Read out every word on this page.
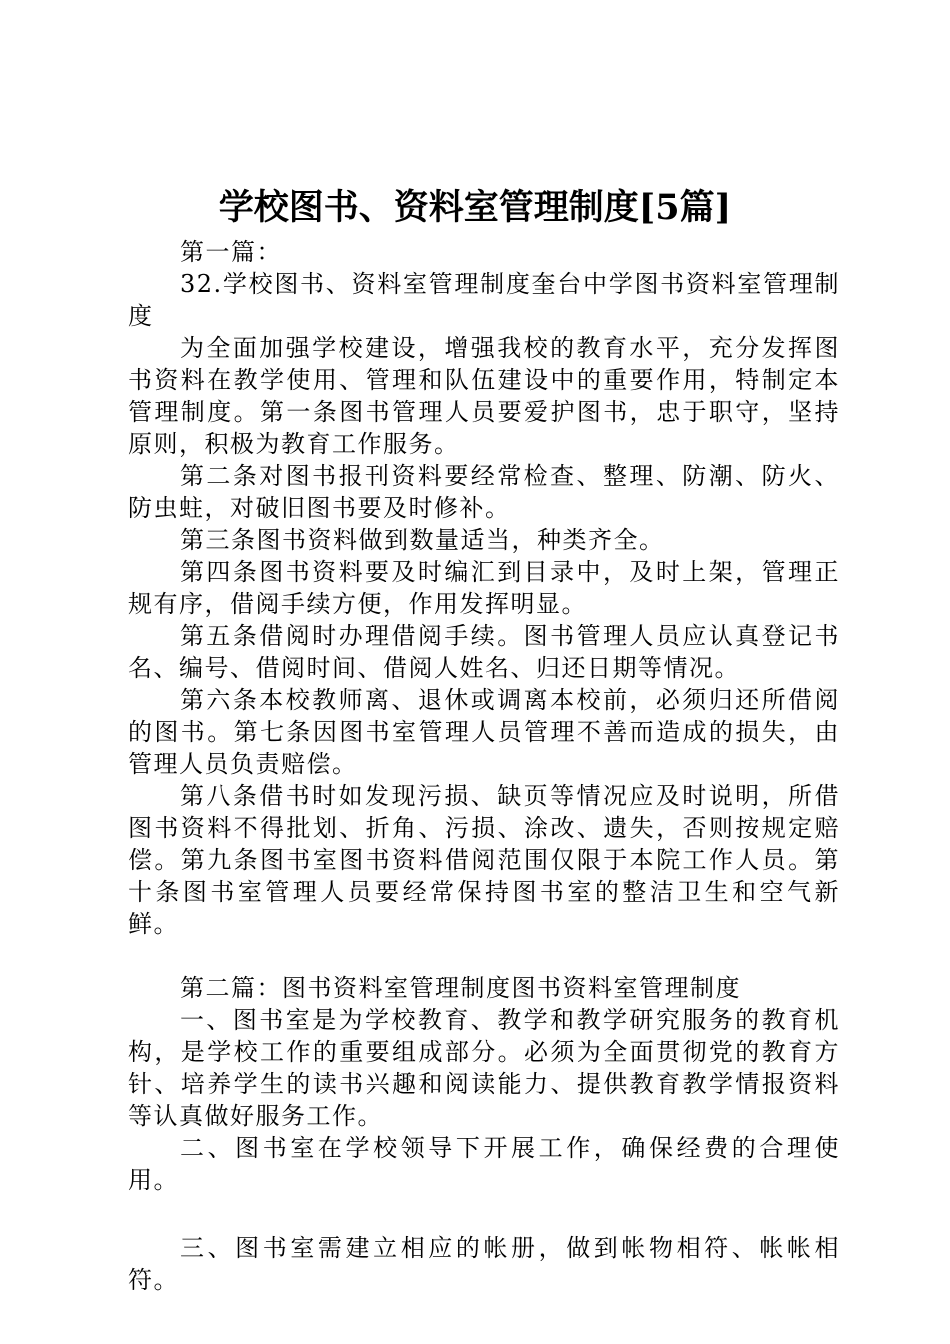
学校图书、资料室管理制度[5篇]

第一篇：

32.学校图书、资料室管理制度奎台中学图书资料室管理制度

为全面加强学校建设，增强我校的教育水平，充分发挥图书资料在教学使用、管理和队伍建设中的重要作用，特制定本管理制度。第一条图书管理人员要爱护图书，忠于职守，坚持原则，积极为教育工作服务。

第二条对图书报刊资料要经常检查、整理、防潮、防火、防虫蛀，对破旧图书要及时修补。

第三条图书资料做到数量适当，种类齐全。

第四条图书资料要及时编汇到目录中，及时上架，管理正规有序，借阅手续方便，作用发挥明显。

第五条借阅时办理借阅手续。图书管理人员应认真登记书名、编号、借阅时间、借阅人姓名、归还日期等情况。

第六条本校教师离、退休或调离本校前，必须归还所借阅的图书。第七条因图书室管理人员管理不善而造成的损失，由管理人员负责赔偿。

第八条借书时如发现污损、缺页等情况应及时说明，所借图书资料不得批划、折角、污损、涂改、遗失，否则按规定赔偿。第九条图书室图书资料借阅范围仅限于本院工作人员。第十条图书室管理人员要经常保持图书室的整洁卫生和空气新鲜。

第二篇：图书资料室管理制度图书资料室管理制度

一、图书室是为学校教育、教学和教学研究服务的教育机构，是学校工作的重要组成部分。必须为全面贯彻党的教育方针、培养学生的读书兴趣和阅读能力、提供教育教学情报资料等认真做好服务工作。

二、图书室在学校领导下开展工作，确保经费的合理使用。

三、图书室需建立相应的帐册，做到帐物相符、帐帐相符。
